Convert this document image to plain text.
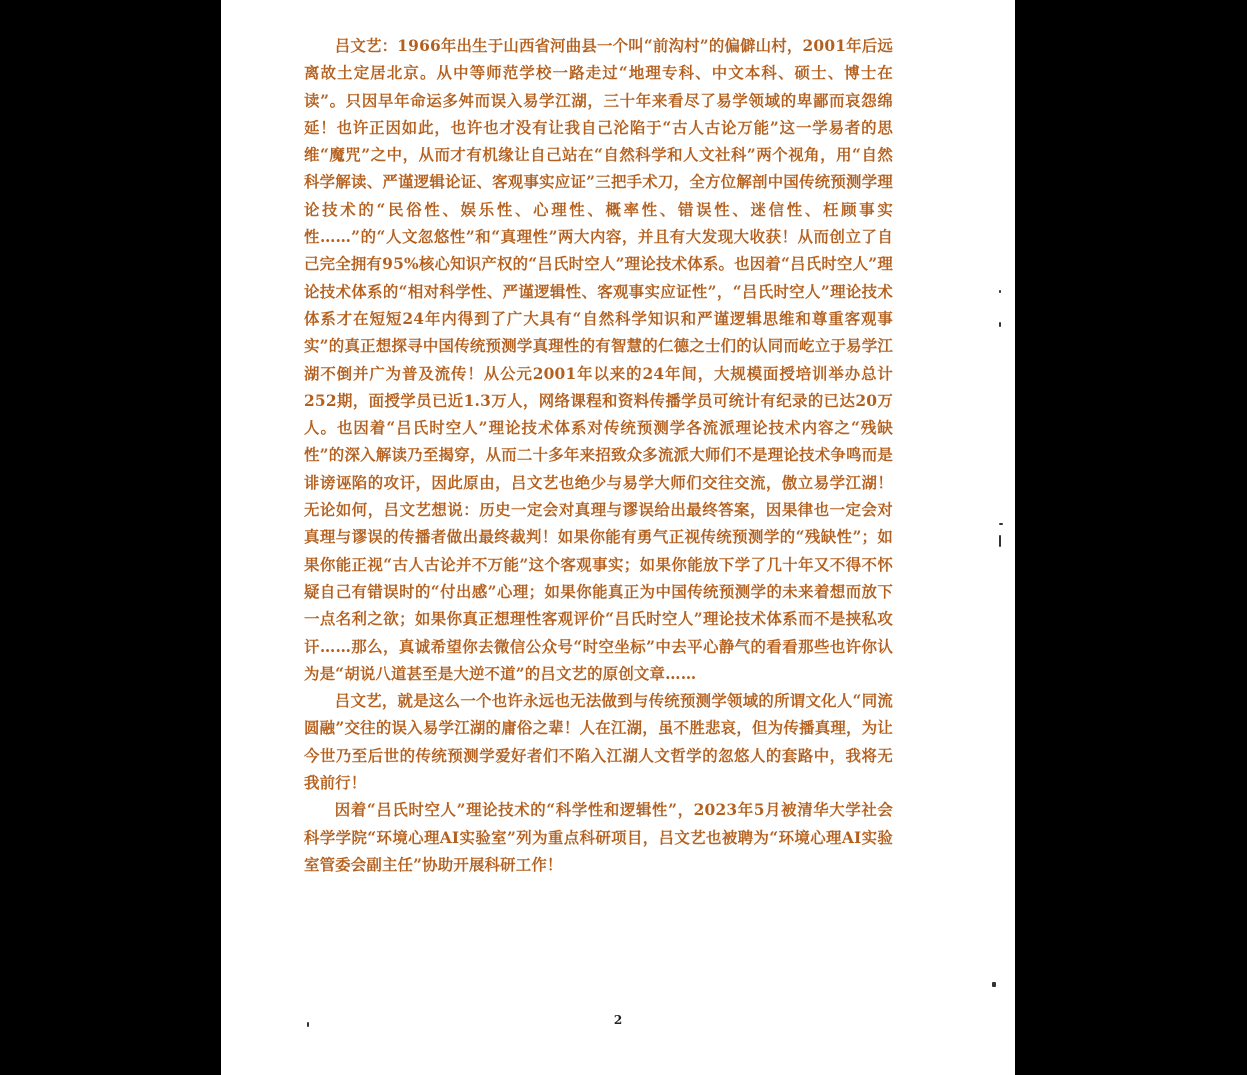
吕文艺：1966年出生于山西省河曲县一个叫“前沟村”的偏僻山村，2001年后远离故土定居北京。从中等师范学校一路走过“地理专科、中文本科、硕士、博士在读”。只因早年命运多舛而误入易学江湖，三十年来看尽了易学领域的卑鄙而哀怨绵延！也许正因如此，也许也才没有让我自己沦陷于“古人古论万能”这一学易者的思维“魔咒”之中，从而才有机缘让自己站在“自然科学和人文社科”两个视角，用“自然科学解读、严谨逻辑论证、客观事实应证”三把手术刀，全方位解剖中国传统预测学理论技术的“民俗性、娱乐性、心理性、概率性、错误性、迷信性、枉顾事实性……”的“人文忽悠性”和“真理性”两大内容，并且有大发现大收获！从而创立了自己完全拥有95%核心知识产权的“吕氏时空人”理论技术体系。也因着“吕氏时空人”理论技术体系的“相对科学性、严谨逻辑性、客观事实应证性”，“吕氏时空人”理论技术体系才在短短24年内得到了广大具有“自然科学知识和严谨逻辑思维和尊重客观事实”的真正想探寻中国传统预测学真理性的有智慧的仁德之士们的认同而屹立于易学江湖不倒并广为普及流传！从公元2001年以来的24年间，大规模面授培训举办总计252期，面授学员已近1.3万人，网络课程和资料传播学员可统计有纪录的已达20万人。也因着“吕氏时空人”理论技术体系对传统预测学各流派理论技术内容之“残缺性”的深入解读乃至揭穿，从而二十多年来招致众多流派大师们不是理论技术争鸣而是诽谤诬陷的攻讦，因此原由，吕文艺也绝少与易学大师们交往交流，傲立易学江湖！无论如何，吕文艺想说：历史一定会对真理与谬误给出最终答案，因果律也一定会对真理与谬误的传播者做出最终裁判！如果你能有勇气正视传统预测学的“残缺性”；如果你能正视“古人古论并不万能”这个客观事实；如果你能放下学了几十年又不得不怀疑自己有错误时的“付出感”心理；如果你能真正为中国传统预测学的未来着想而放下一点名利之欲；如果你真正想理性客观评价“吕氏时空人”理论技术体系而不是挟私攻讦……那么，真诚希望你去微信公众号“时空坐标”中去平心静气的看看那些也许你认为是“胡说八道甚至是大逆不道”的吕文艺的原创文章……

吕文艺，就是这么一个也许永远也无法做到与传统预测学领域的所谓文化人“同流圆融”交往的误入易学江湖的庸俗之辈！人在江湖，虽不胜悲哀，但为传播真理，为让今世乃至后世的传统预测学爱好者们不陷入江湖人文哲学的忽悠人的套路中，我将无我前行！

因着“吕氏时空人”理论技术的“科学性和逻辑性”，2023年5月被清华大学社会科学学院“环境心理AI实验室”列为重点科研项目，吕文艺也被聘为“环境心理AI实验室管委会副主任”协助开展科研工作！

2
